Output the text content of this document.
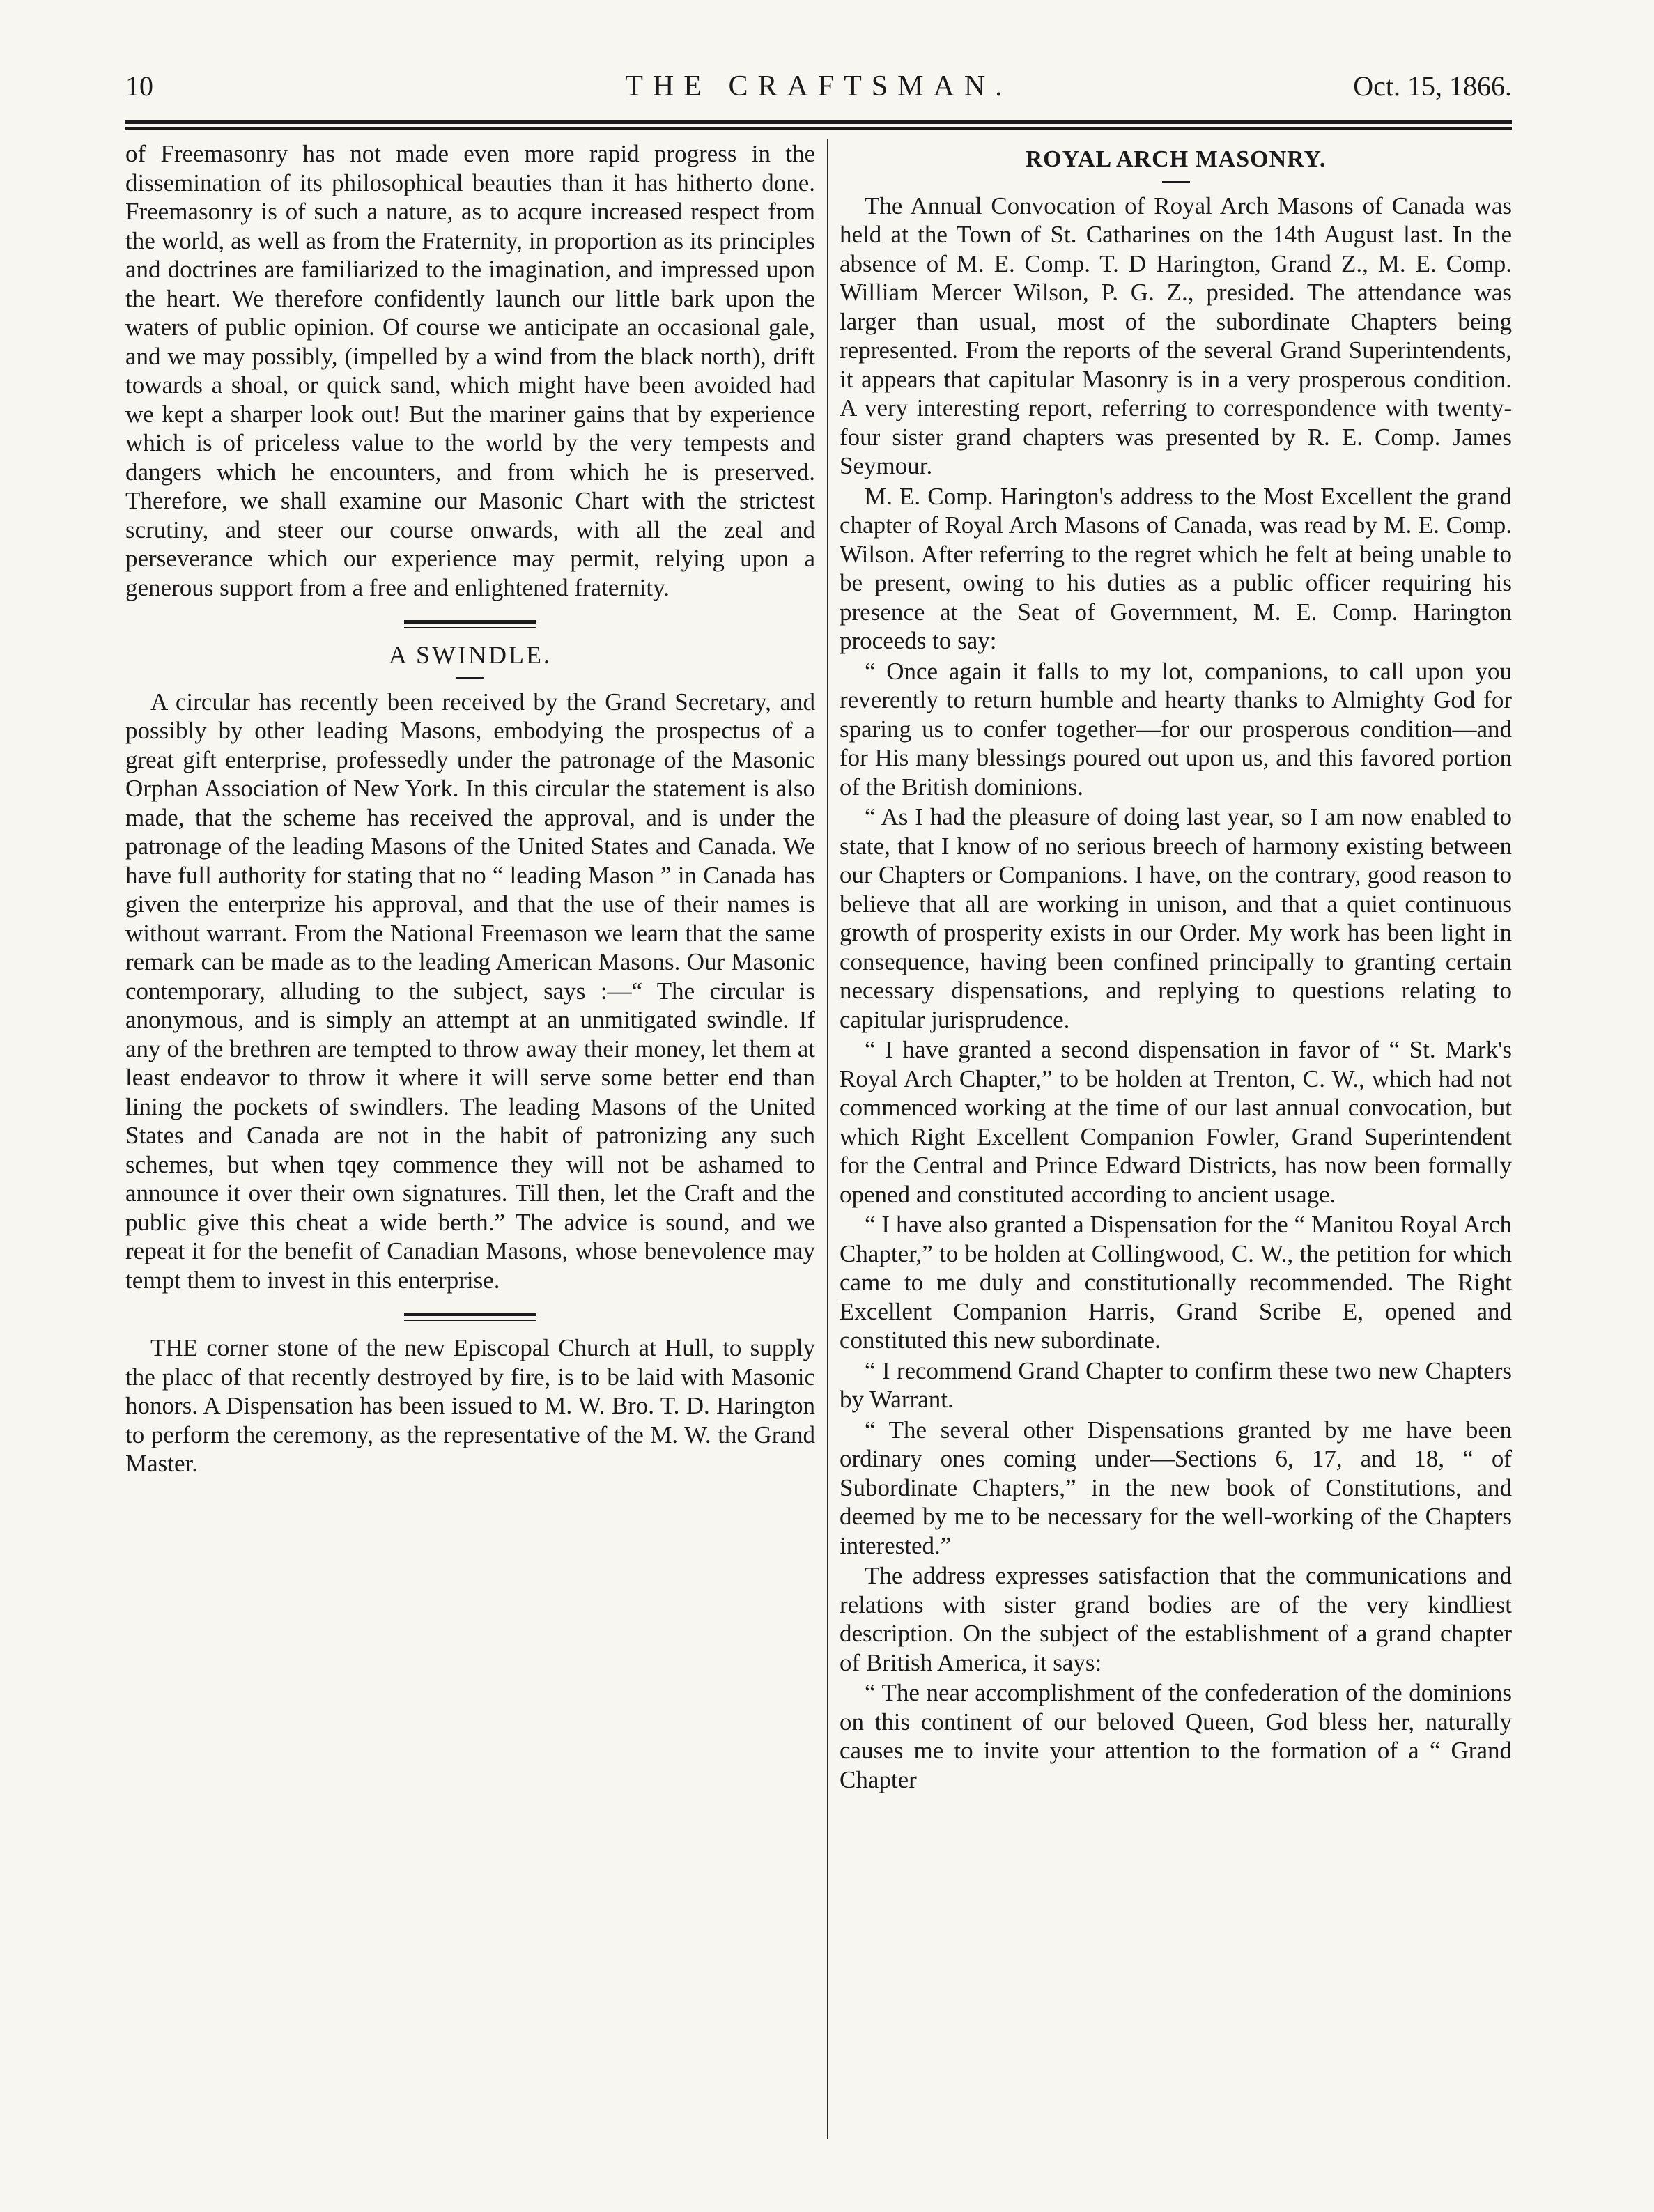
10	THE CRAFTSMAN.	Oct. 15, 1866.

of Freemasonry has not made even more rapid progress in the dissemination of its philosophical beauties than it has hitherto done. Freemasonry is of such a nature, as to acqure increased respect from the world, as well as from the Fraternity, in proportion as its principles and doctrines are familiarized to the imagination, and impressed upon the heart. We therefore confidently launch our little bark upon the waters of public opinion. Of course we anticipate an occasional gale, and we may possibly, (impelled by a wind from the black north), drift towards a shoal, or quick sand, which might have been avoided had we kept a sharper look out! But the mariner gains that by experience which is of priceless value to the world by the very tempests and dangers which he encounters, and from which he is preserved. Therefore, we shall examine our Masonic Chart with the strictest scrutiny, and steer our course onwards, with all the zeal and perseverance which our experience may permit, relying upon a generous support from a free and enlightened fraternity.

A SWINDLE.

A circular has recently been received by the Grand Secretary, and possibly by other leading Masons, embodying the prospectus of a great gift enterprise, professedly under the patronage of the Masonic Orphan Association of New York. In this circular the statement is also made, that the scheme has received the approval, and is under the patronage of the leading Masons of the United States and Canada. We have full authority for stating that no “ leading Mason ” in Canada has given the enterprize his approval, and that the use of their names is without warrant. From the National Freemason we learn that the same remark can be made as to the leading American Masons. Our Masonic contemporary, alluding to the subject, says :—“ The circular is anonymous, and is simply an attempt at an unmitigated swindle. If any of the brethren are tempted to throw away their money, let them at least endeavor to throw it where it will serve some better end than lining the pockets of swindlers. The leading Masons of the United States and Canada are not in the habit of patronizing any such schemes, but when tqey commence they will not be ashamed to announce it over their own signatures. Till then, let the Craft and the public give this cheat a wide berth.” The advice is sound, and we repeat it for the benefit of Canadian Masons, whose benevolence may tempt them to invest in this enterprise.

THE corner stone of the new Episcopal Church at Hull, to supply the placc of that recently destroyed by fire, is to be laid with Masonic honors. A Dispensation has been issued to M. W. Bro. T. D. Harington to perform the ceremony, as the representative of the M. W. the Grand Master.

ROYAL ARCH MASONRY.

The Annual Convocation of Royal Arch Masons of Canada was held at the Town of St. Catharines on the 14th August last. In the absence of M. E. Comp. T. D Harington, Grand Z., M. E. Comp. William Mercer Wilson, P. G. Z., presided. The attendance was larger than usual, most of the subordinate Chapters being represented. From the reports of the several Grand Superintendents, it appears that capitular Masonry is in a very prosperous condition. A very interesting report, referring to correspondence with twenty-four sister grand chapters was presented by R. E. Comp. James Seymour.

M. E. Comp. Harington's address to the Most Excellent the grand chapter of Royal Arch Masons of Canada, was read by M. E. Comp. Wilson. After referring to the regret which he felt at being unable to be present, owing to his duties as a public officer requiring his presence at the Seat of Government, M. E. Comp. Harington proceeds to say:

“ Once again it falls to my lot, companions, to call upon you reverently to return humble and hearty thanks to Almighty God for sparing us to confer together—for our prosperous condition—and for His many blessings poured out upon us, and this favored portion of the British dominions.

“ As I had the pleasure of doing last year, so I am now enabled to state, that I know of no serious breech of harmony existing between our Chapters or Companions. I have, on the contrary, good reason to believe that all are working in unison, and that a quiet continuous growth of prosperity exists in our Order. My work has been light in consequence, having been confined principally to granting certain necessary dispensations, and replying to questions relating to capitular jurisprudence.

“ I have granted a second dispensation in favor of “ St. Mark's Royal Arch Chapter,” to be holden at Trenton, C. W., which had not commenced working at the time of our last annual convocation, but which Right Excellent Companion Fowler, Grand Superintendent for the Central and Prince Edward Districts, has now been formally opened and constituted according to ancient usage.

“ I have also granted a Dispensation for the “ Manitou Royal Arch Chapter,” to be holden at Collingwood, C. W., the petition for which came to me duly and constitutionally recommended. The Right Excellent Companion Harris, Grand Scribe E, opened and constituted this new subordinate.

“ I recommend Grand Chapter to confirm these two new Chapters by Warrant.

“ The several other Dispensations granted by me have been ordinary ones coming under—Sections 6, 17, and 18, “ of Subordinate Chapters,” in the new book of Constitutions, and deemed by me to be necessary for the well-working of the Chapters interested.”

The address expresses satisfaction that the communications and relations with sister grand bodies are of the very kindliest description. On the subject of the establishment of a grand chapter of British America, it says:

“ The near accomplishment of the confederation of the dominions on this continent of our beloved Queen, God bless her, naturally causes me to invite your attention to the formation of a “ Grand Chapter
